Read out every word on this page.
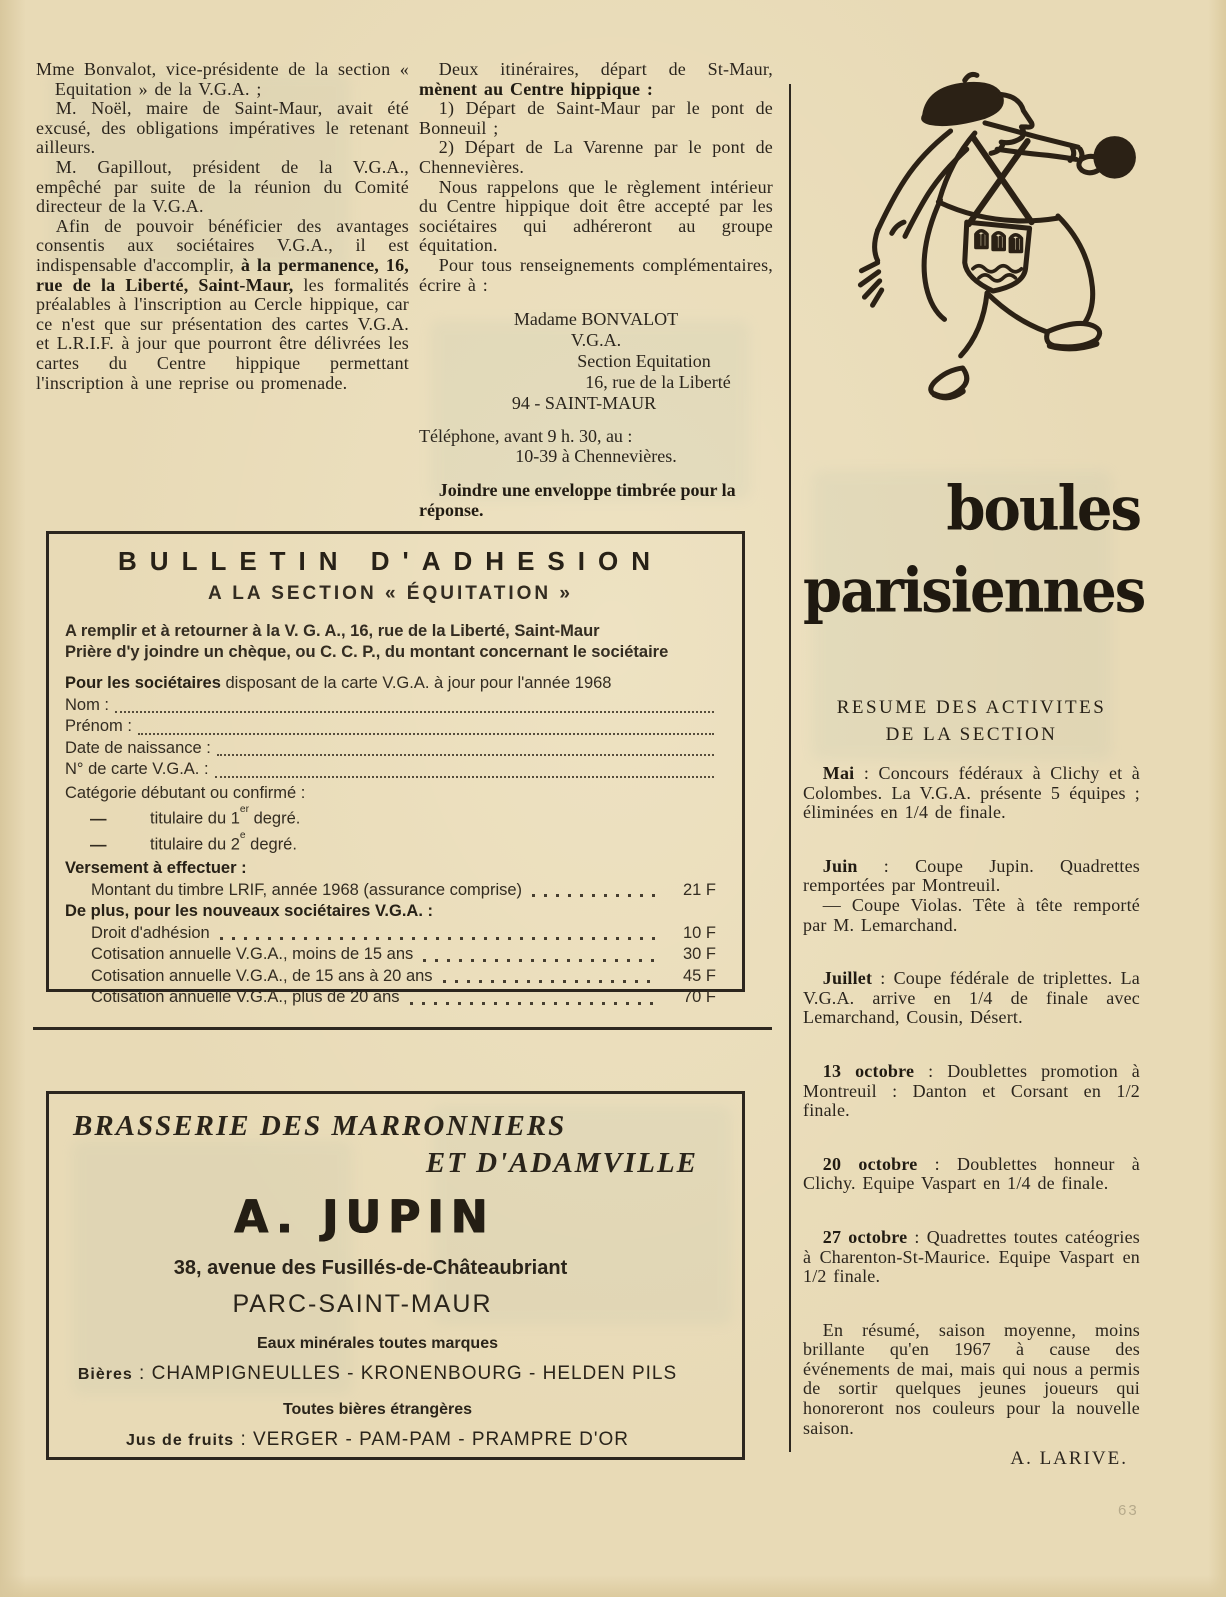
Mme Bonvalot, vice-présidente de la section « Equitation » de la V.G.A. ;

M. Noël, maire de Saint-Maur, avait été excusé, des obligations impératives le retenant ailleurs.

M. Gapillout, président de la V.G.A., empêché par suite de la réunion du Comité directeur de la V.G.A.

Afin de pouvoir bénéficier des avantages consentis aux sociétaires V.G.A., il est indispensable d'accomplir, à la permanence, 16, rue de la Liberté, Saint-Maur, les formalités préalables à l'inscription au Cercle hippique, car ce n'est que sur présentation des cartes V.G.A. et L.R.I.F. à jour que pourront être délivrées les cartes du Centre hippique permettant l'inscription à une reprise ou promenade.

Deux itinéraires, départ de St-Maur, mènent au Centre hippique :

1) Départ de Saint-Maur par le pont de Bonneuil ;

2) Départ de La Varenne par le pont de Chennevières.

Nous rappelons que le règlement intérieur du Centre hippique doit être accepté par les sociétaires qui adhéreront au groupe équitation.

Pour tous renseignements complémentaires, écrire à :

Madame BONVALOT
V.G.A.
Section Equitation
16, rue de la Liberté
94 - SAINT-MAUR
Téléphone, avant 9 h. 30, au :
10-39 à Chennevières.
Joindre une enveloppe timbrée pour la réponse.
BULLETIN D'ADHESION
A LA SECTION « ÉQUITATION »
A remplir et à retourner à la V. G. A., 16, rue de la Liberté, Saint-Maur
Prière d'y joindre un chèque, ou C. C. P., du montant concernant le sociétaire
Pour les sociétaires disposant de la carte V.G.A. à jour pour l'année 1968
Nom :
Prénom :
Date de naissance :
N° de carte V.G.A. :
Catégorie débutant ou confirmé :
—	titulaire du 1er degré.
—	titulaire du 2e degré.
Versement à effectuer :
Montant du timbre LRIF, année 1968 (assurance comprise)	21 F
De plus, pour les nouveaux sociétaires V.G.A. :
Droit d'adhésion	10 F
Cotisation annuelle V.G.A., moins de 15 ans	30 F
Cotisation annuelle V.G.A., de 15 ans à 20 ans	45 F
Cotisation annuelle V.G.A., plus de 20 ans	70 F
BRASSERIE DES MARRONNIERS
ET D'ADAMVILLE
A. JUPIN
38, avenue des Fusillés-de-Châteaubriant
PARC-SAINT-MAUR
Eaux minérales toutes marques
Bières : CHAMPIGNEULLES - KRONENBOURG - HELDEN PILS
Toutes bières étrangères
Jus de fruits : VERGER - PAM-PAM - PRAMPRE D'OR
boules
parisiennes
RESUME DES ACTIVITES
DE LA SECTION

Mai : Concours fédéraux à Clichy et à Colombes. La V.G.A. présente 5 équipes ; éliminées en 1/4 de finale.

Juin : Coupe Jupin. Quadrettes remportées par Montreuil.
— Coupe Violas. Tête à tête remporté par M. Lemarchand.

Juillet : Coupe fédérale de triplettes. La V.G.A. arrive en 1/4 de finale avec Lemarchand, Cousin, Désert.

13 octobre : Doublettes promotion à Montreuil : Danton et Corsant en 1/2 finale.

20 octobre : Doublettes honneur à Clichy. Equipe Vaspart en 1/4 de finale.

27 octobre : Quadrettes toutes catéogries à Charenton-St-Maurice. Equipe Vaspart en 1/2 finale.

En résumé, saison moyenne, moins brillante qu'en 1967 à cause des événements de mai, mais qui nous a permis de sortir quelques jeunes joueurs qui honoreront nos couleurs pour la nouvelle saison.

A. LARIVE.
63
